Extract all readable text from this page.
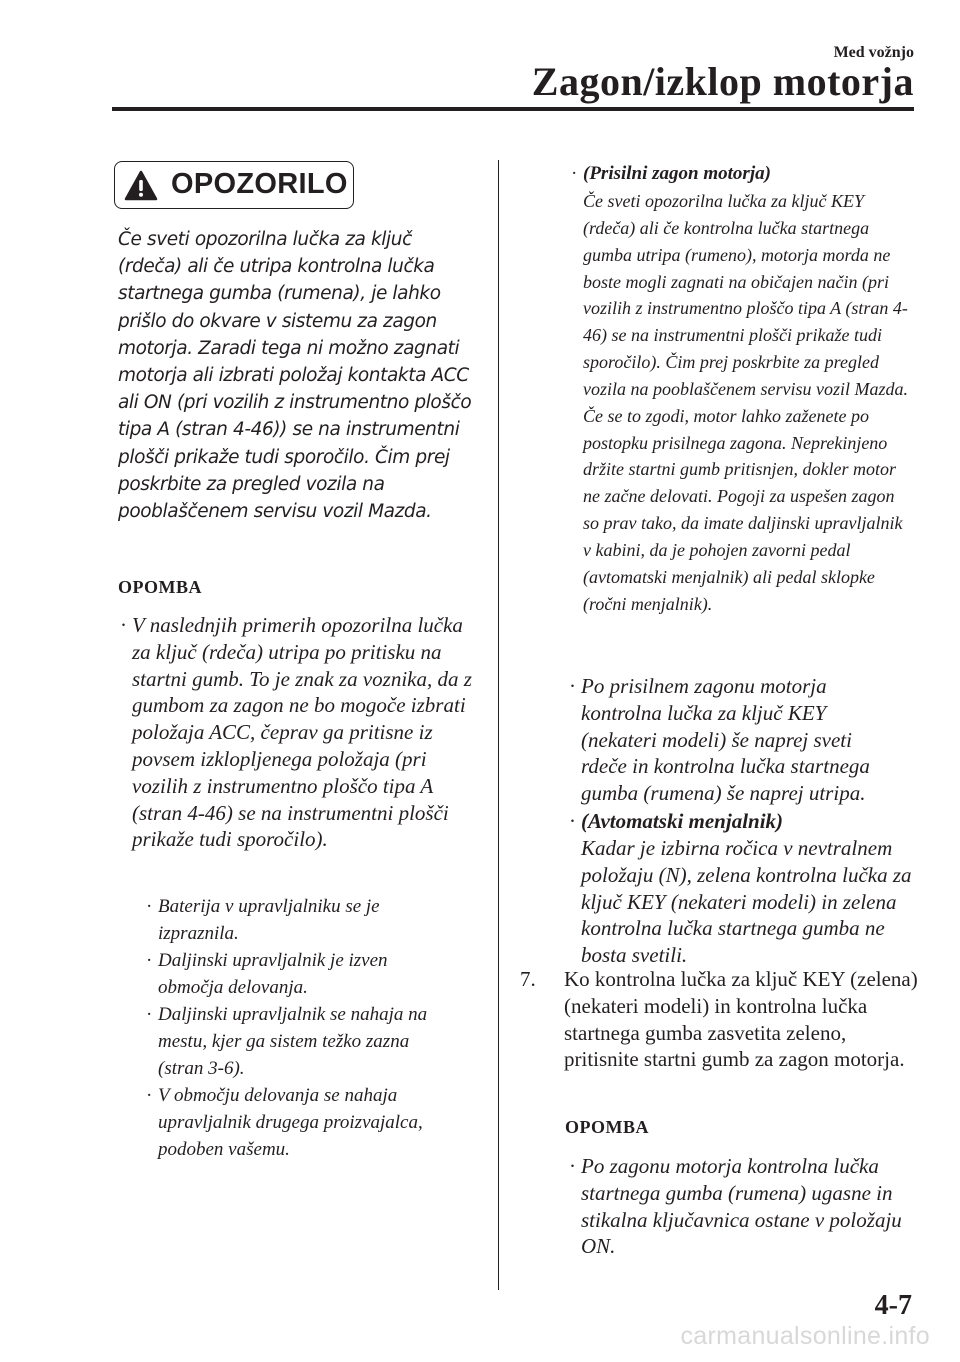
Med vožnjo
Zagon/izklop motorja
OPOZORILO
Če sveti opozorilna lučka za ključ (rdeča) ali če utripa kontrolna lučka startnega gumba (rumena), je lahko prišlo do okvare v sistemu za zagon motorja. Zaradi tega ni možno zagnati motorja ali izbrati položaj kontakta ACC ali ON (pri vozilih z instrumentno ploščo tipa A (stran 4-46)) se na instrumentni plošči prikaže tudi sporočilo. Čim prej poskrbite za pregled vozila na pooblaščenem servisu vozil Mazda.
OPOMBA
· V naslednjih primerih opozorilna lučka za ključ (rdeča) utripa po pritisku na startni gumb. To je znak za voznika, da z gumbom za zagon ne bo mogoče izbrati položaja ACC, čeprav ga pritisne iz povsem izklopljenega položaja (pri vozilih z instrumentno ploščo tipa A (stran 4-46) se na instrumentni plošči prikaže tudi sporočilo).
· Baterija v upravljalniku se je izpraznila.
· Daljinski upravljalnik je izven območja delovanja.
· Daljinski upravljalnik se nahaja na mestu, kjer ga sistem težko zazna (stran 3-6).
· V območju delovanja se nahaja upravljalnik drugega proizvajalca, podoben vašemu.
· (Prisilni zagon motorja)
Če sveti opozorilna lučka za ključ KEY (rdeča) ali če kontrolna lučka startnega gumba utripa (rumeno), motorja morda ne boste mogli zagnati na običajen način (pri vozilih z instrumentno ploščo tipa A (stran 4-46) se na instrumentni plošči prikaže tudi sporočilo). Čim prej poskrbite za pregled vozila na pooblaščenem servisu vozil Mazda. Če se to zgodi, motor lahko zaženete po postopku prisilnega zagona. Neprekinjeno držite startni gumb pritisnjen, dokler motor ne začne delovati. Pogoji za uspešen zagon so prav tako, da imate daljinski upravljalnik v kabini, da je pohojen zavorni pedal (avtomatski menjalnik) ali pedal sklopke (ročni menjalnik).
· Po prisilnem zagonu motorja kontrolna lučka za ključ KEY (nekateri modeli) še naprej sveti rdeče in kontrolna lučka startnega gumba (rumena) še naprej utripa.
· (Avtomatski menjalnik)
Kadar je izbirna ročica v nevtralnem položaju (N), zelena kontrolna lučka za ključ KEY (nekateri modeli) in zelena kontrolna lučka startnega gumba ne bosta svetili.
7. Ko kontrolna lučka za ključ KEY (zelena) (nekateri modeli) in kontrolna lučka startnega gumba zasvetita zeleno, pritisnite startni gumb za zagon motorja.
OPOMBA
· Po zagonu motorja kontrolna lučka startnega gumba (rumena) ugasne in stikalna ključavnica ostane v položaju ON.
4-7
carmanualsonline.info
